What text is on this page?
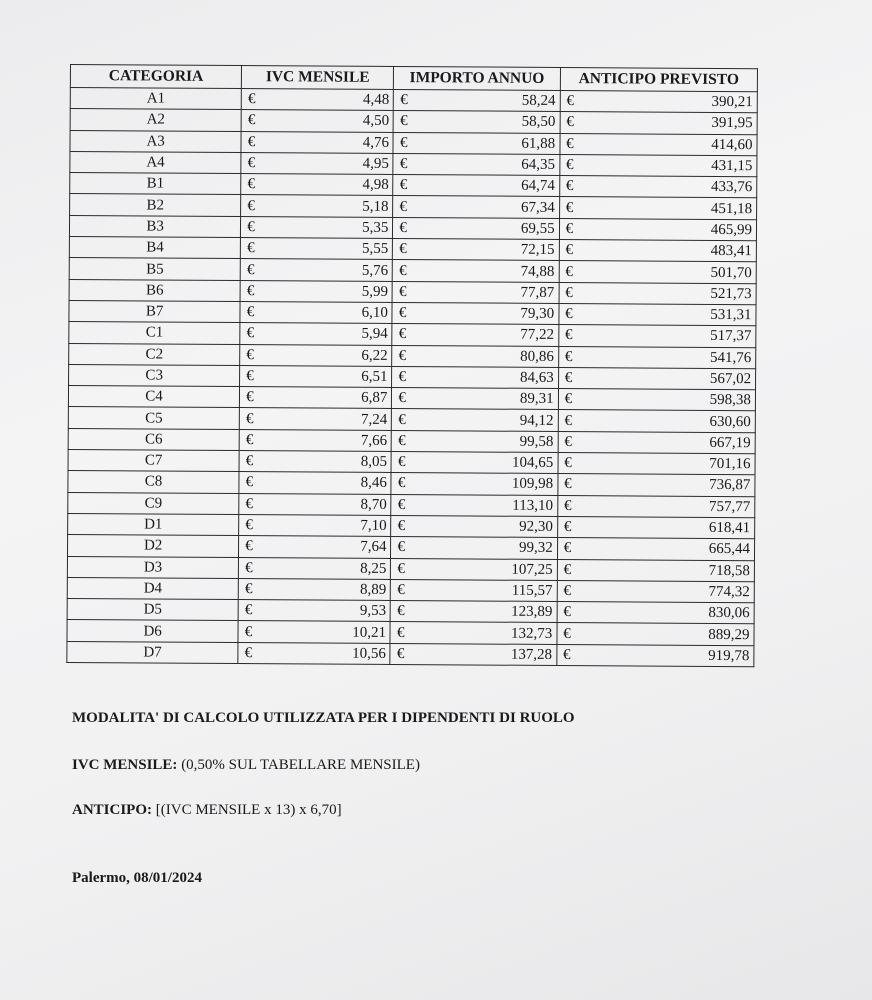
CATEGORIA	IVC MENSILE	IMPORTO ANNUO	ANTICIPO PREVISTO
A1	€ 4,48	€ 58,24	€ 390,21

A2	€ 4,50	€ 58,50	€ 391,95

A3	€ 4,76	€ 61,88	€ 414,60

A4	€ 4,95	€ 64,35	€ 431,15

B1	€ 4,98	€ 64,74	€ 433,76

B2	€ 5,18	€ 67,34	€ 451,18

B3	€ 5,35	€ 69,55	€ 465,99

B4	€ 5,55	€ 72,15	€ 483,41

B5	€ 5,76	€ 74,88	€ 501,70

B6	€ 5,99	€ 77,87	€ 521,73

B7	€ 6,10	€ 79,30	€ 531,31

C1	€ 5,94	€ 77,22	€ 517,37

C2	€ 6,22	€ 80,86	€ 541,76

C3	€ 6,51	€ 84,63	€ 567,02

C4	€ 6,87	€ 89,31	€ 598,38

C5	€ 7,24	€ 94,12	€ 630,60

C6	€ 7,66	€ 99,58	€ 667,19

C7	€ 8,05	€ 104,65	€ 701,16

C8	€ 8,46	€ 109,98	€ 736,87

C9	€ 8,70	€ 113,10	€ 757,77

D1	€ 7,10	€ 92,30	€ 618,41

D2	€ 7,64	€ 99,32	€ 665,44

D3	€ 8,25	€ 107,25	€ 718,58

D4	€ 8,89	€ 115,57	€ 774,32

D5	€ 9,53	€ 123,89	€ 830,06

D6	€ 10,21	€ 132,73	€ 889,29

D7	€ 10,56	€ 137,28	€ 919,78
MODALITA' DI CALCOLO UTILIZZATA PER I DIPENDENTI DI RUOLO
IVC MENSILE: (0,50% SUL TABELLARE MENSILE)
ANTICIPO: [(IVC MENSILE x 13) x 6,70]
Palermo, 08/01/2024
